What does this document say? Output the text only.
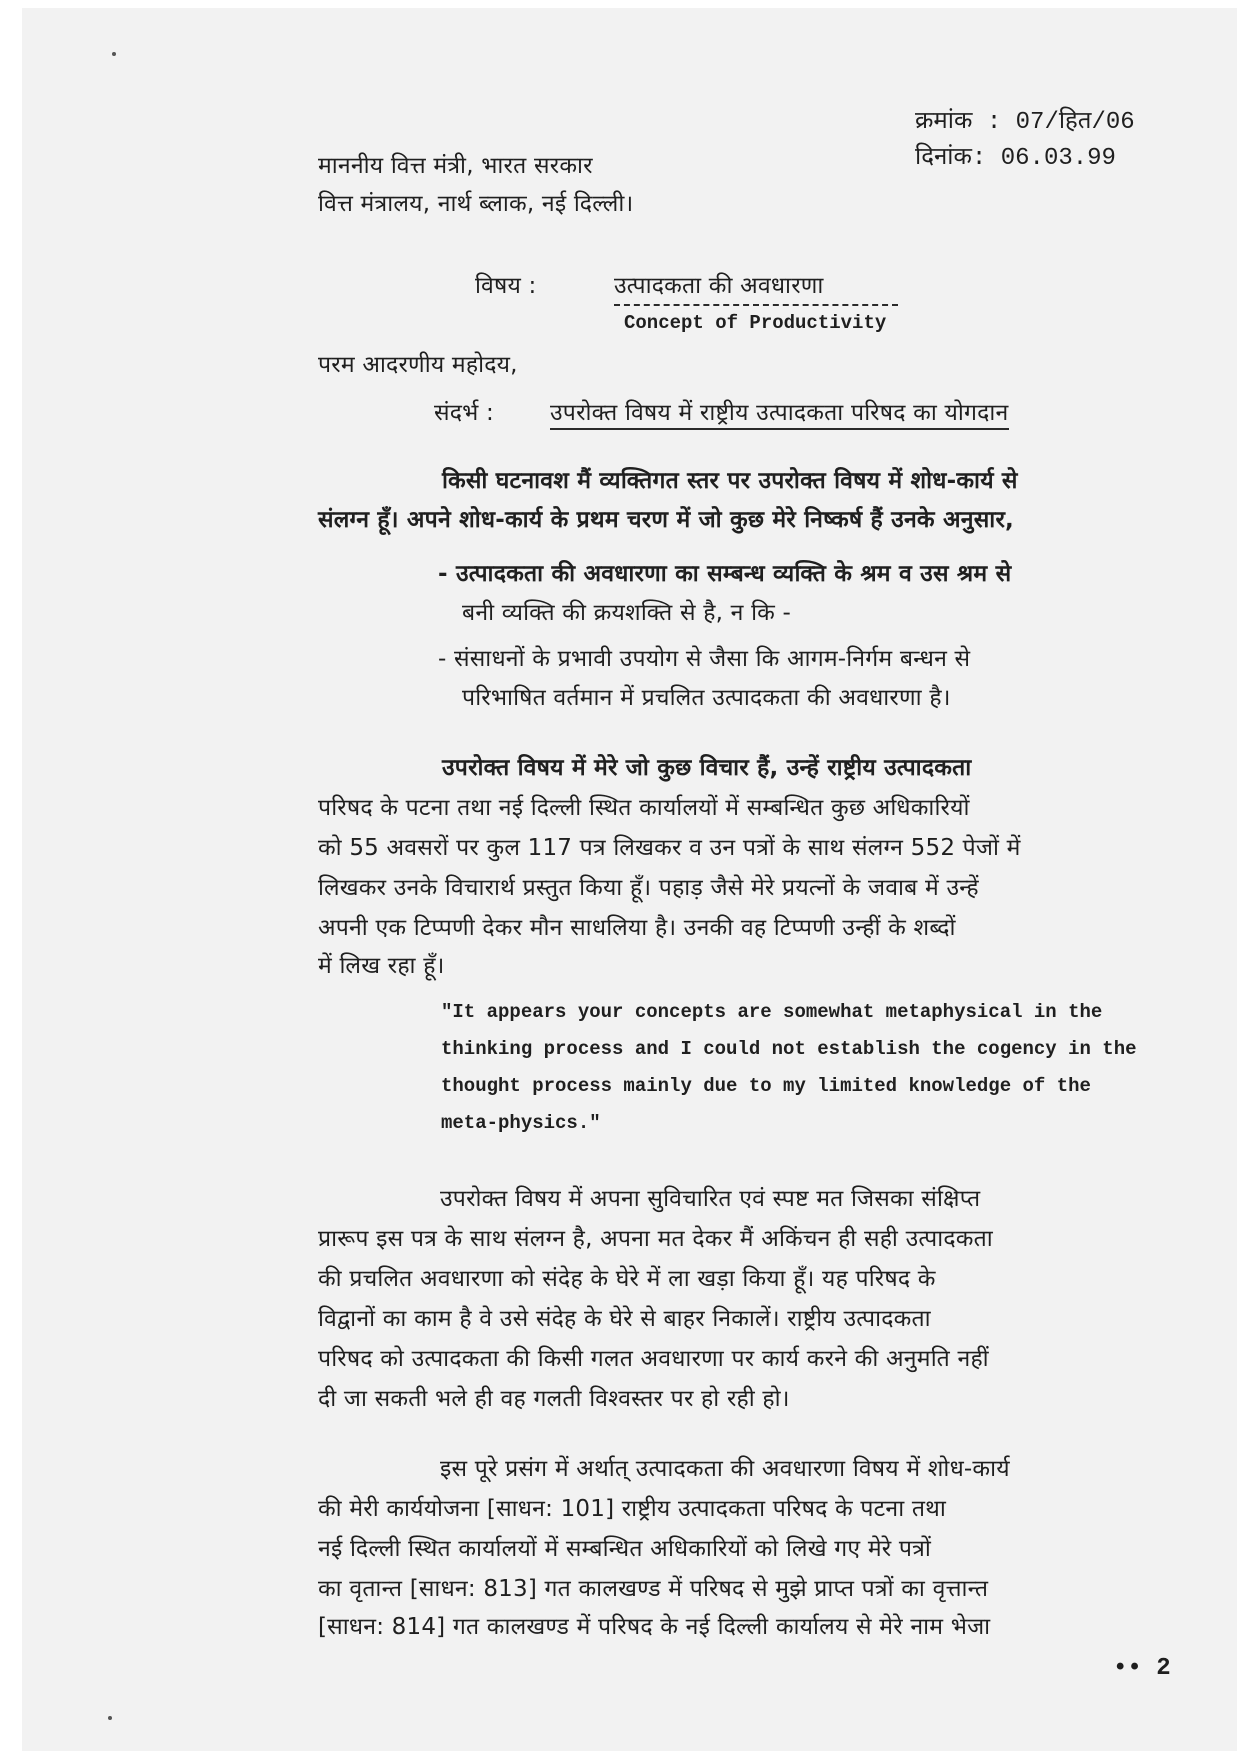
क्रमांक : 07/हित/06
दिनांक: 06.03.99
माननीय वित्त मंत्री, भारत सरकार
वित्त मंत्रालय, नार्थ ब्लाक, नई दिल्ली।
विषय :	उत्पादकता की अवधारणा
Concept of Productivity
परम आदरणीय महोदय,
संदर्भ : उपरोक्त विषय में राष्ट्रीय उत्पादकता परिषद का योगदान
किसी घटनावश मैं व्यक्तिगत स्तर पर उपरोक्त विषय में शोध-कार्य से
संलग्न हूँ। अपने शोध-कार्य के प्रथम चरण में जो कुछ मेरे निष्कर्ष हैं उनके अनुसार,
- उत्पादकता की अवधारणा का सम्बन्ध व्यक्ति के श्रम व उस श्रम से
बनी व्यक्ति की क्रयशक्ति से है, न कि -
- संसाधनों के प्रभावी उपयोग से जैसा कि आगम-निर्गम बन्धन से
परिभाषित वर्तमान में प्रचलित उत्पादकता की अवधारणा है।
उपरोक्त विषय में मेरे जो कुछ विचार हैं, उन्हें राष्ट्रीय उत्पादकता
परिषद के पटना तथा नई दिल्ली स्थित कार्यालयों में सम्बन्धित कुछ अधिकारियों
को 55 अवसरों पर कुल 117 पत्र लिखकर व उन पत्रों के साथ संलग्न 552 पेजों में
लिखकर उनके विचारार्थ प्रस्तुत किया हूँ। पहाड़ जैसे मेरे प्रयत्नों के जवाब में उन्हें
अपनी एक टिप्पणी देकर मौन साधलिया है। उनकी वह टिप्पणी उन्हीं के शब्दों
में लिख रहा हूँ।
"It appears your concepts are somewhat metaphysical in the
thinking process and I could not establish the cogency in the
thought process mainly due to my limited knowledge of the
meta-physics."
उपरोक्त विषय में अपना सुविचारित एवं स्पष्ट मत जिसका संक्षिप्त
प्रारूप इस पत्र के साथ संलग्न है, अपना मत देकर मैं अकिंचन ही सही उत्पादकता
की प्रचलित अवधारणा को संदेह के घेरे में ला खड़ा किया हूँ। यह परिषद के
विद्वानों का काम है वे उसे संदेह के घेरे से बाहर निकालें। राष्ट्रीय उत्पादकता
परिषद को उत्पादकता की किसी गलत अवधारणा पर कार्य करने की अनुमति नहीं
दी जा सकती भले ही वह गलती विश्वस्तर पर हो रही हो।
इस पूरे प्रसंग में अर्थात् उत्पादकता की अवधारणा विषय में शोध-कार्य
की मेरी कार्ययोजना [साधन: 101] राष्ट्रीय उत्पादकता परिषद के पटना तथा
नई दिल्ली स्थित कार्यालयों में सम्बन्धित अधिकारियों को लिखे गए मेरे पत्रों
का वृतान्त [साधन: 813] गत कालखण्ड में परिषद से मुझे प्राप्त पत्रों का वृत्तान्त
[साधन: 814] गत कालखण्ड में परिषद के नई दिल्ली कार्यालय से मेरे नाम भेजा
•• 2
